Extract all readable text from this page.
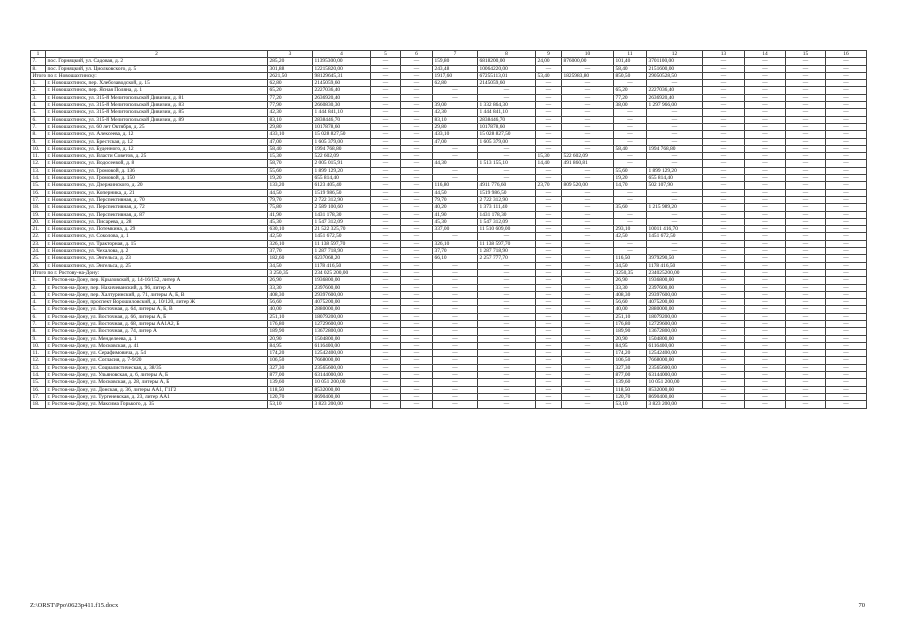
1	2	3	4	5	6	7	8	9	10	11	12	13	14	15	16
7.	пос. Горняцкий, ул. Садовая, д. 2	285,20	11395300,00	—	—	159,80	6818200,00	24,00	876000,00	101,40	3701100,00	—	—	—	—
8.	пос. Горняцкий, ул. Циолковского, д. 5	301,88	12215820,00	—	—	243,48	10064220,00	—	—	58,40	2151600,00	—	—	—	—
Итого по г. Новошахтинску:		2621,50	98129645,31	—	—	1917,60	67255113,01	53,40	1825983,80	850,50	29050528,50	—	—	—	—
1.	г. Новошахтинск, пер. Хлебозаводской, д. 15	62,80	2145059,60	—	—	62,80	2145059,60	—	—	—	—	—	—	—	—
2.	г. Новошахтинск, пер. Ясная Поляна, д. 1	65,20	2227036,40	—	—	—	—	—	—	65,20	2227036,40	—	—	—	—
3.	г. Новошахтинск, ул. 315-й Мелитопольской Дивизии, д. 81	77,20	2636920,40	—	—	—	—	—	—	77,20	2636920,40	—	—	—	—
4.	г. Новошахтинск, ул. 315-й Мелитопольской Дивизии, д. 83	77,90	2660830,30	—	—	39,00	1 332 864,30	—	—	38,00	1 297 966,00	—	—	—	—
5.	г. Новошахтинск, ул. 315-й Мелитопольской Дивизии, д. 85	42,30	1 444 841,10	—	—	42,30	1 444 841,10	—	—	—	—	—	—	—	—
6.	г. Новошахтинск, ул. 315-й Мелитопольской Дивизии, д. 89	83,10	2838446,70	—	—	83,10	2838446,70	—	—	—	—	—	—	—	—
7.	г. Новошахтинск, ул. 60 лет Октября, д. 25	29,80	1017878,60	—	—	29,80	1017878,60	—	—	—	—	—	—	—	—
8.	г. Новошахтинск, ул. Алексеева, д. 12	433,10	15 028 827,50	—	—	433,10	15 028 827,50	—	—	—	—	—	—	—	—
9.	г. Новошахтинск, ул. Брестская, д. 12	47,00	1 605 379,00	—	—	47,00	1 605 379,00	—	—	—	—	—	—	—	—
10.	г. Новошахтинск, ул. Буденного, д. 12	58,40	1994 768,80	—	—	—	—	—	—	58,40	1994 768,80	—	—	—	—
11.	г. Новошахтинск, ул. Власти Советов, д. 25	15,30	522 602,09	—	—	—	—	15,30	522 602,09	—	—	—	—	—	—
12.	г. Новошахтинск, ул. Водосеевой, д. 8	58,70	2 005 015,91	—	—	44,30	1 513 155,10	14,40	491 860,81	—	—	—	—	—	—
13.	г. Новошахтинск, ул. Громовой, д. 136	55,60	1 899 129,20	—	—	—	—	—	—	55,60	1 899 129,20	—	—	—	—
14.	г. Новошахтинск, ул. Громовой, д. 150	19,20	655 814,40	—	—	—	—	—	—	19,20	655 814,40	—	—	—	—
15.	г. Новошахтинск, ул. Дзержинского, д. 20	133,20	6123 405,40	—	—	116,80	4911 776,60	23,70	809 520,00	14,70	502 107,90	—	—	—	—
16.	г. Новошахтинск, ул. Коперника, д. 21	44,50	1519 986,50	—	—	44,50	1519 986,50	—	—	—	—	—	—	—	—
17.	г. Новошахтинск, ул. Перспективная, д. 70	79,70	2 722 312,90	—	—	79,70	2 722 312,90	—	—	—	—	—	—	—	—
18.	г. Новошахтинск, ул. Перспективная, д. 72	75,80	2 589 100,60	—	—	40,20	1 373 111,40	—	—	35,60	1 215 989,20	—	—	—	—
19.	г. Новошахтинск, ул. Перспективная, д. 87	41,90	1431 178,30	—	—	41,90	1431 178,30	—	—	—	—	—	—	—	—
20.	г. Новошахтинск, ул. Писарева, д. 28	45,30	1 547 312,09	—	—	45,30	1 547 312,09	—	—	—	—	—	—	—	—
21.	г. Новошахтинск, ул. Потемкина, д. 29	630,10	21 522 325,70	—	—	337,00	11 510 609,00	—	—	293,10	10011 416,70	—	—	—	—
22.	г. Новошахтинск, ул. Соколова, д. 1	42,50	1451 672,50	—	—	—	—	—	—	42,50	1451 672,50	—	—	—	—
23.	г. Новошахтинск, ул. Тракторная, д. 15	326,10	11 138 597,70	—	—	326,10	11 138 597,70	—	—	—	—	—	—	—	—
24.	г. Новошахтинск, ул. Чехалова, д. 2	37,70	1 287 718,90	—	—	37,70	1 287 718,90	—	—	—	—	—	—	—	—
25.	г. Новошахтинск, ул. Энгельса, д. 23	182,60	6237068,20	—	—	66,10	2 257 777,70	—	—	116,50	3979290,50	—	—	—	—
26.	г. Новошахтинск, ул. Энгельса, д. 25	34,50	1178 416,50	—	—	—	—	—	—	34,50	1178 416,50	—	—	—	—
Итого по г. Ростову-на-Дону:		3 250,35	234 025 200,00	—	—	—	—	—	—	3250,35	234025200,00	—	—	—	—
1.	г. Ростов-на-Дону, пер. Крыловской, д. 14-16/152, литер А	26,90	1936800,00	—	—	—	—	—	—	26,90	1936800,00	—	—	—	—
2.	г. Ростов-на-Дону, пер. Нахичеванский, д. 96, литер А	33,30	2397600,00	—	—	—	—	—	—	33,30	2397600,00	—	—	—	—
3.	г. Ростов-на-Дону, пер. Халтуринский, д. 71, литеры А, Б, В	408,30	29397600,00	—	—	—	—	—	—	408,30	29397600,00	—	—	—	—
4.	г. Ростов-на-Дону, проспект Ворошиловский, д. 10/120, литер Ж	56,60	4075200,00	—	—	—	—	—	—	56,60	4075200,00	—	—	—	—
5.	г. Ростов-на-Дону, ул. Восточная, д. 64, литеры А, Б, В	40,00	2880000,00	—	—	—	—	—	—	40,00	2880000,00	—	—	—	—
6.	г. Ростов-на-Дону, ул. Восточная, д. 66, литеры А, Б	251,10	18079200,00	—	—	—	—	—	—	251,10	18079200,00	—	—	—	—
7.	г. Ростов-на-Дону, ул. Восточная, д. 68, литеры АА1А2, Б	176,80	12729600,00	—	—	—	—	—	—	176,80	12729600,00	—	—	—	—
8.	г. Ростов-на-Дону, ул. Восточная, д. 74, литер А	189,90	13672800,00	—	—	—	—	—	—	189,90	13672800,00	—	—	—	—
9.	г. Ростов-на-Дону, ул. Менделеева, д. 1	20,90	1504800,00	—	—	—	—	—	—	20,90	1504800,00	—	—	—	—
10.	г. Ростов-на-Дону, ул. Московская, д. 41	84,95	6116400,00	—	—	—	—	—	—	84,95	6116400,00	—	—	—	—
11.	г. Ростов-на-Дону, ул. Серафимовича, д. 54	174,20	12542400,00	—	—	—	—	—	—	174,20	12542400,00	—	—	—	—
12.	г. Ростов-на-Дону, ул. Согласия, д. 7-9/20	106,50	7668000,00	—	—	—	—	—	—	106,50	7668000,00	—	—	—	—
13.	г. Ростов-на-Дону, ул. Социалистическая, д. 38/35	327,30	23565600,00	—	—	—	—	—	—	327,30	23565600,00	—	—	—	—
14.	г. Ростов-на-Дону, ул. Ульяновская, д. 6, литеры А, Б	877,00	63144000,00	—	—	—	—	—	—	877,00	63144000,00	—	—	—	—
15.	г. Ростов-на-Дону, ул. Московская, д. 28, литеры А, Б	139,60	10 051 200,00	—	—	—	—	—	—	139,60	10 051 200,00	—	—	—	—
16.	г. Ростов-на-Дону, ул. Донская, д. 36, литеры АА1, Г1Г2	118,50	8532000,00	—	—	—	—	—	—	118,50	8532000,00	—	—	—	—
17.	г. Ростов-на-Дону, ул. Тургеневская, д. 23, литер АА1	120,70	8690400,00	—	—	—	—	—	—	120,70	8690400,00	—	—	—	—
18.	г. Ростов-на-Дону, ул. Максима Горького, д. 35	53,10	3 823 200,00	—	—	—	—	—	—	53,10	3 823 200,00	—	—	—	—
Z:\ORST\Ppo\0623p411.f15.docx	70
